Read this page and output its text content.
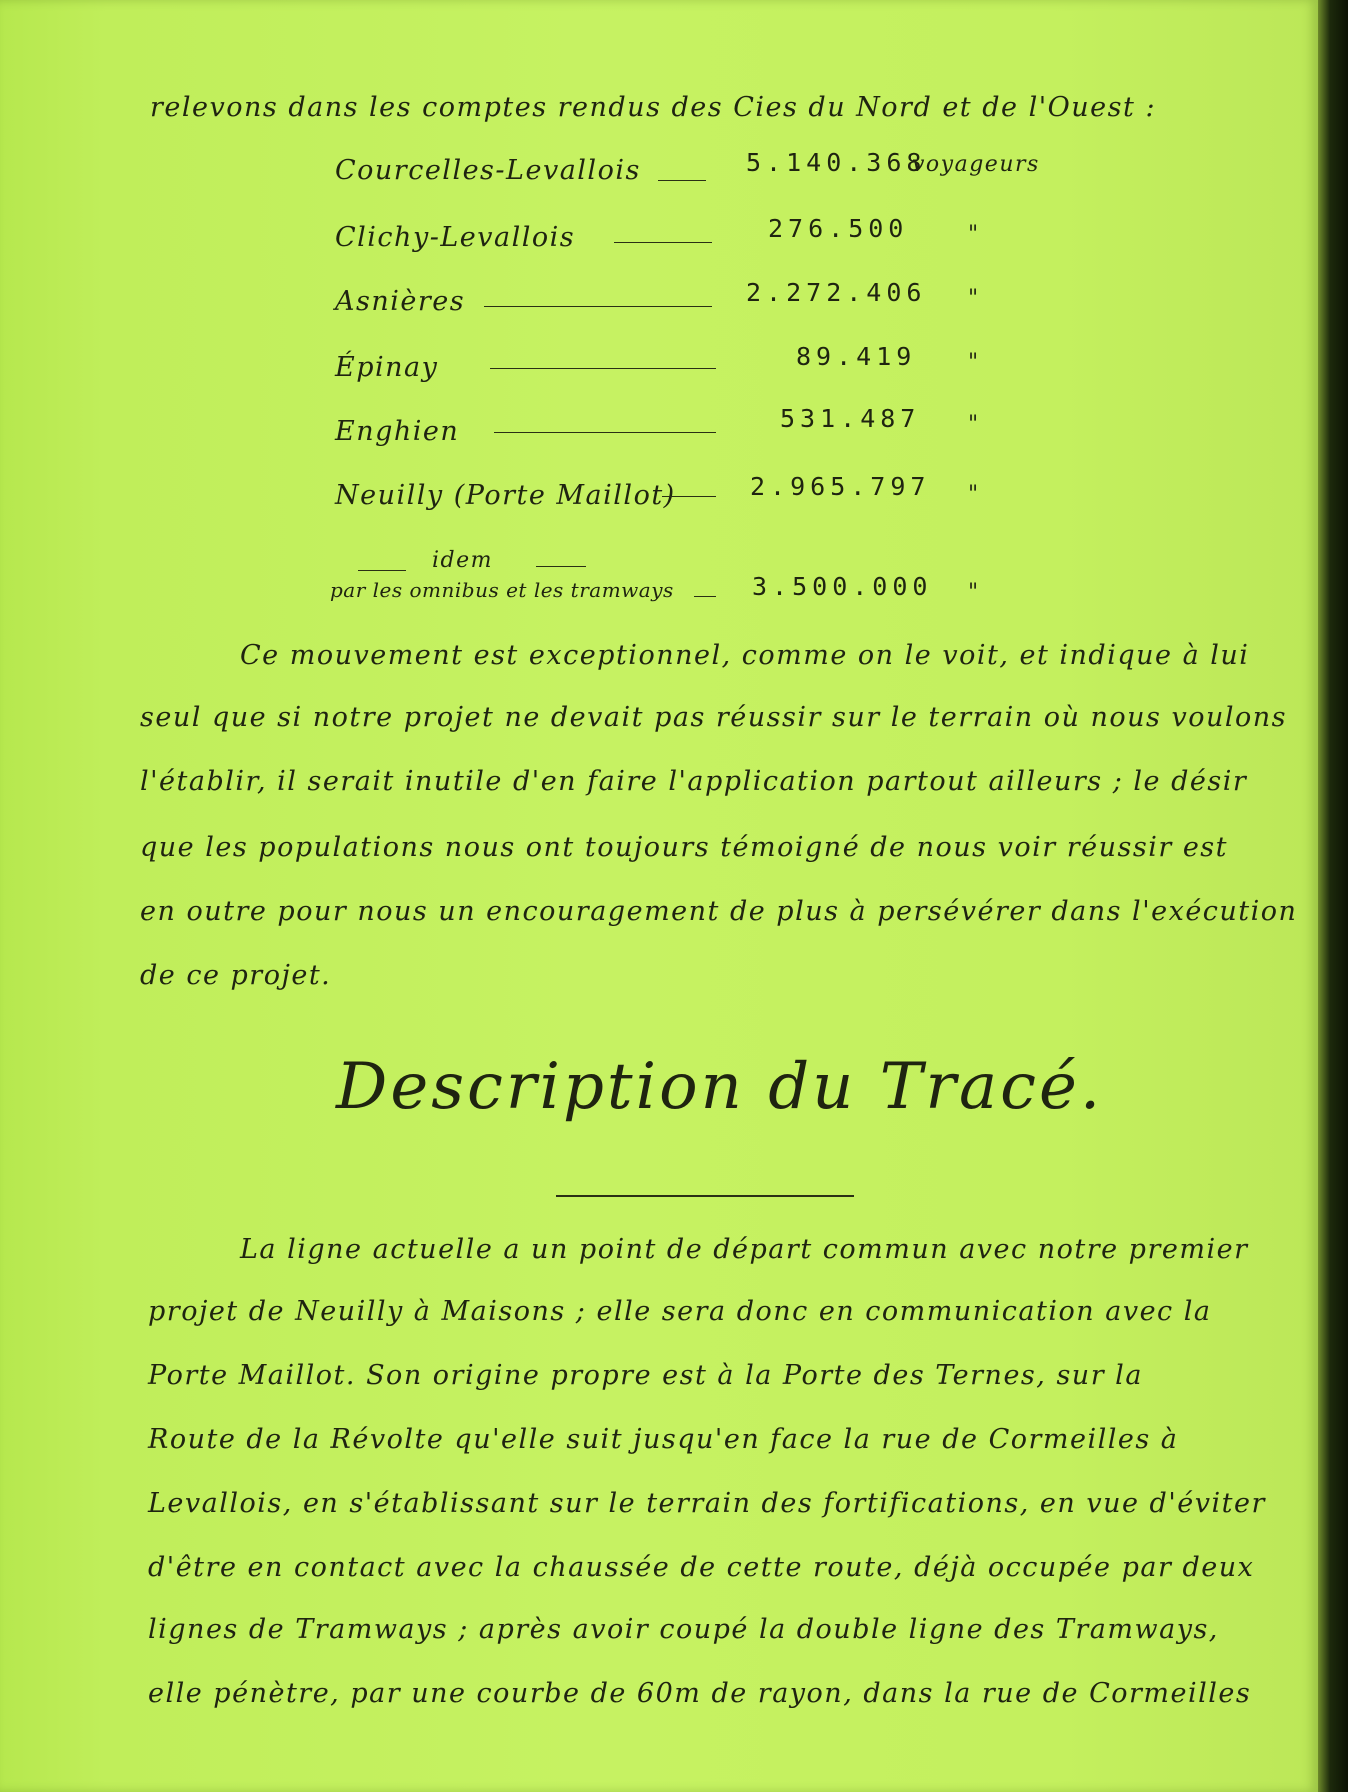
relevons dans les comptes rendus des Cies du Nord et de l'Ouest :
Courcelles-Levallois	5.140.368
voyageurs
Clichy-Levallois	276.500	"
Asnières	2.272.406 "
Épinay	89.419 "
Enghien	531.487 "
Neuilly (Porte Maillot)	2.965.797 "
idem
par les omnibus et les tramways	3.500.000 "
Ce mouvement est exceptionnel, comme on le voit, et indique à lui
seul que si notre projet ne devait pas réussir sur le terrain où nous voulons
l'établir, il serait inutile d'en faire l'application partout ailleurs ; le désir
que les populations nous ont toujours témoigné de nous voir réussir est
en outre pour nous un encouragement de plus à persévérer dans l'exécution
de ce projet.
Description du Tracé.
La ligne actuelle a un point de départ commun avec notre premier
projet de Neuilly à Maisons ; elle sera donc en communication avec la
Porte Maillot. Son origine propre est à la Porte des Ternes, sur la
Route de la Révolte qu'elle suit jusqu'en face la rue de Cormeilles à
Levallois, en s'établissant sur le terrain des fortifications, en vue d'éviter
d'être en contact avec la chaussée de cette route, déjà occupée par deux
lignes de Tramways ; après avoir coupé la double ligne des Tramways,
elle pénètre, par une courbe de 60m de rayon, dans la rue de Cormeilles
